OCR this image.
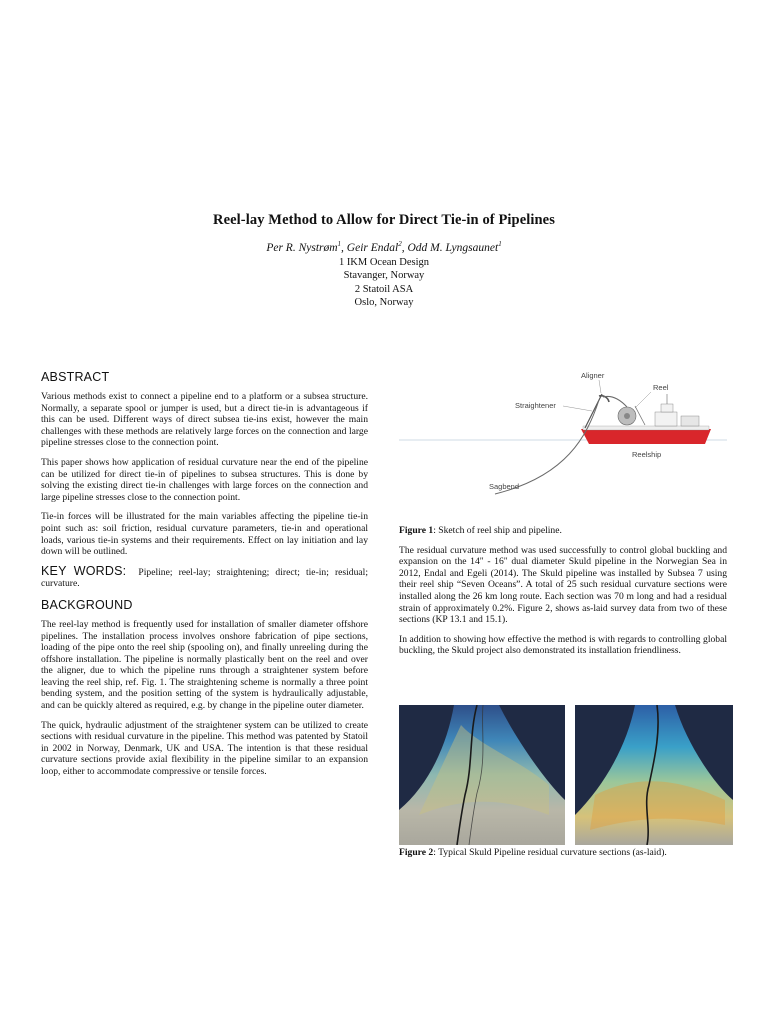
Reel-lay Method to Allow for Direct Tie-in of Pipelines
Per R. Nystrøm$^1$, Geir Endal$^2$, Odd M. Lyngsaunet$^1$
1 IKM Ocean Design
Stavanger, Norway
2 Statoil ASA
Oslo, Norway
ABSTRACT

Various methods exist to connect a pipeline end to a platform or a subsea structure. Normally, a separate spool or jumper is used, but a direct tie-in is advantageous if this can be used. Different ways of direct subsea tie-ins exist, however the main challenges with these methods are relatively large forces on the connection and large pipeline stresses close to the connection point.

This paper shows how application of residual curvature near the end of the pipeline can be utilized for direct tie-in of pipelines to subsea structures. This is done by solving the existing direct tie-in challenges with large forces on the connection and large pipeline stresses close to the connection point.

Tie-in forces will be illustrated for the main variables affecting the pipeline tie-in point such as: soil friction, residual curvature parameters, tie-in and operational loads, various tie-in systems and their requirements. Effect on lay initiation and lay down will be outlined.

KEY WORDS: Pipeline; reel-lay; straightening; direct; tie-in; residual; curvature.
BACKGROUND

The reel-lay method is frequently used for installation of smaller diameter offshore pipelines. The installation process involves onshore fabrication of pipe sections, loading of the pipe onto the reel ship (spooling on), and finally unreeling during the offshore installation. The pipeline is normally plastically bent on the reel and over the aligner, due to which the pipeline runs through a straightener system before leaving the reel ship, ref. Fig. 1. The straightening scheme is normally a three point bending system, and the position setting of the system is hydraulically adjustable, and can be quickly altered as required, e.g. by change in the pipeline outer diameter.

The quick, hydraulic adjustment of the straightener system can be utilized to create sections with residual curvature in the pipeline. This method was patented by Statoil in 2002 in Norway, Denmark, UK and USA. The intention is that these residual curvature sections provide axial flexibility in the pipeline similar to an expansion loop, either to accommodate compressive or tensile forces.

Aligner
Reel
Straightener
Reelship
Sagbend
Figure 1: Sketch of reel ship and pipeline.

The residual curvature method was used successfully to control global buckling and expansion on the 14" - 16" dual diameter Skuld pipeline in the Norwegian Sea in 2012, Endal and Egeli (2014). The Skuld pipeline was installed by Subsea 7 using their reel ship “Seven Oceans”. A total of 25 such residual curvature sections were installed along the 26 km long route. Each section was 70 m long and had a residual strain of approximately 0.2%. Figure 2, shows as-laid survey data from two of these sections (KP 13.1 and 15.1).

In addition to showing how effective the method is with regards to controlling global buckling, the Skuld project also demonstrated its installation friendliness.

Figure 2: Typical Skuld Pipeline residual curvature sections (as-laid).
